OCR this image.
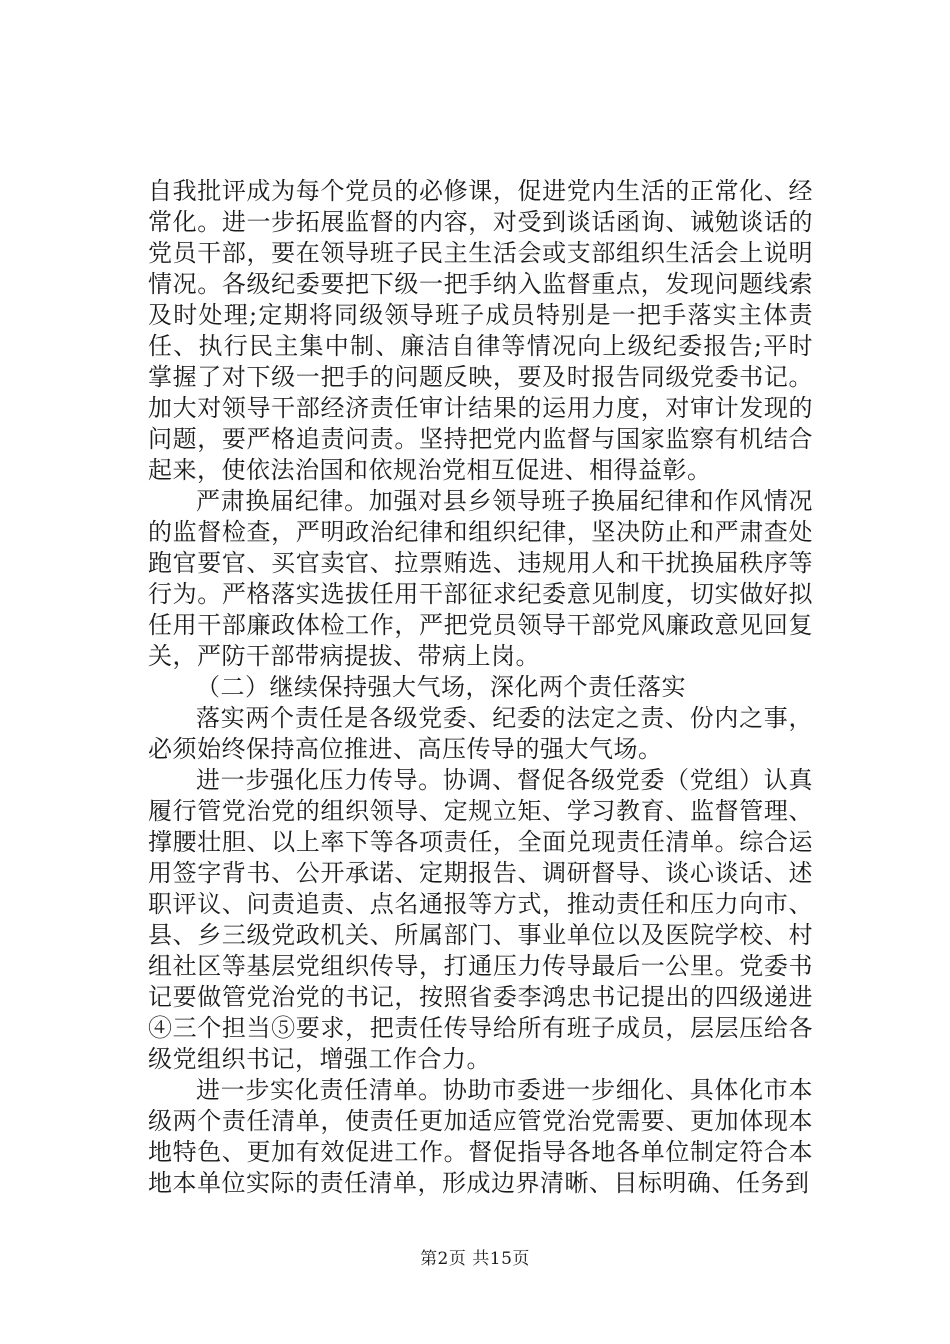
自我批评成为每个党员的必修课，促进党内生活的正常化、经常化。进一步拓展监督的内容，对受到谈话函询、诫勉谈话的党员干部，要在领导班子民主生活会或支部组织生活会上说明情况。各级纪委要把下级一把手纳入监督重点，发现问题线索及时处理;定期将同级领导班子成员特别是一把手落实主体责任、执行民主集中制、廉洁自律等情况向上级纪委报告;平时掌握了对下级一把手的问题反映，要及时报告同级党委书记。加大对领导干部经济责任审计结果的运用力度，对审计发现的问题，要严格追责问责。坚持把党内监督与国家监察有机结合起来，使依法治国和依规治党相互促进、相得益彰。

严肃换届纪律。加强对县乡领导班子换届纪律和作风情况的监督检查，严明政治纪律和组织纪律，坚决防止和严肃查处跑官要官、买官卖官、拉票贿选、违规用人和干扰换届秩序等行为。严格落实选拔任用干部征求纪委意见制度，切实做好拟任用干部廉政体检工作，严把党员领导干部党风廉政意见回复关，严防干部带病提拔、带病上岗。

（二）继续保持强大气场，深化两个责任落实

落实两个责任是各级党委、纪委的法定之责、份内之事，必须始终保持高位推进、高压传导的强大气场。

进一步强化压力传导。协调、督促各级党委（党组）认真履行管党治党的组织领导、定规立矩、学习教育、监督管理、撑腰壮胆、以上率下等各项责任，全面兑现责任清单。综合运用签字背书、公开承诺、定期报告、调研督导、谈心谈话、述职评议、问责追责、点名通报等方式，推动责任和压力向市、县、乡三级党政机关、所属部门、事业单位以及医院学校、村组社区等基层党组织传导，打通压力传导最后一公里。党委书记要做管党治党的书记，按照省委李鸿忠书记提出的四级递进④三个担当⑤要求，把责任传导给所有班子成员，层层压给各级党组织书记，增强工作合力。

进一步实化责任清单。协助市委进一步细化、具体化市本级两个责任清单，使责任更加适应管党治党需要、更加体现本地特色、更加有效促进工作。督促指导各地各单位制定符合本地本单位实际的责任清单，形成边界清晰、目标明确、任务到

第2页 共15页
